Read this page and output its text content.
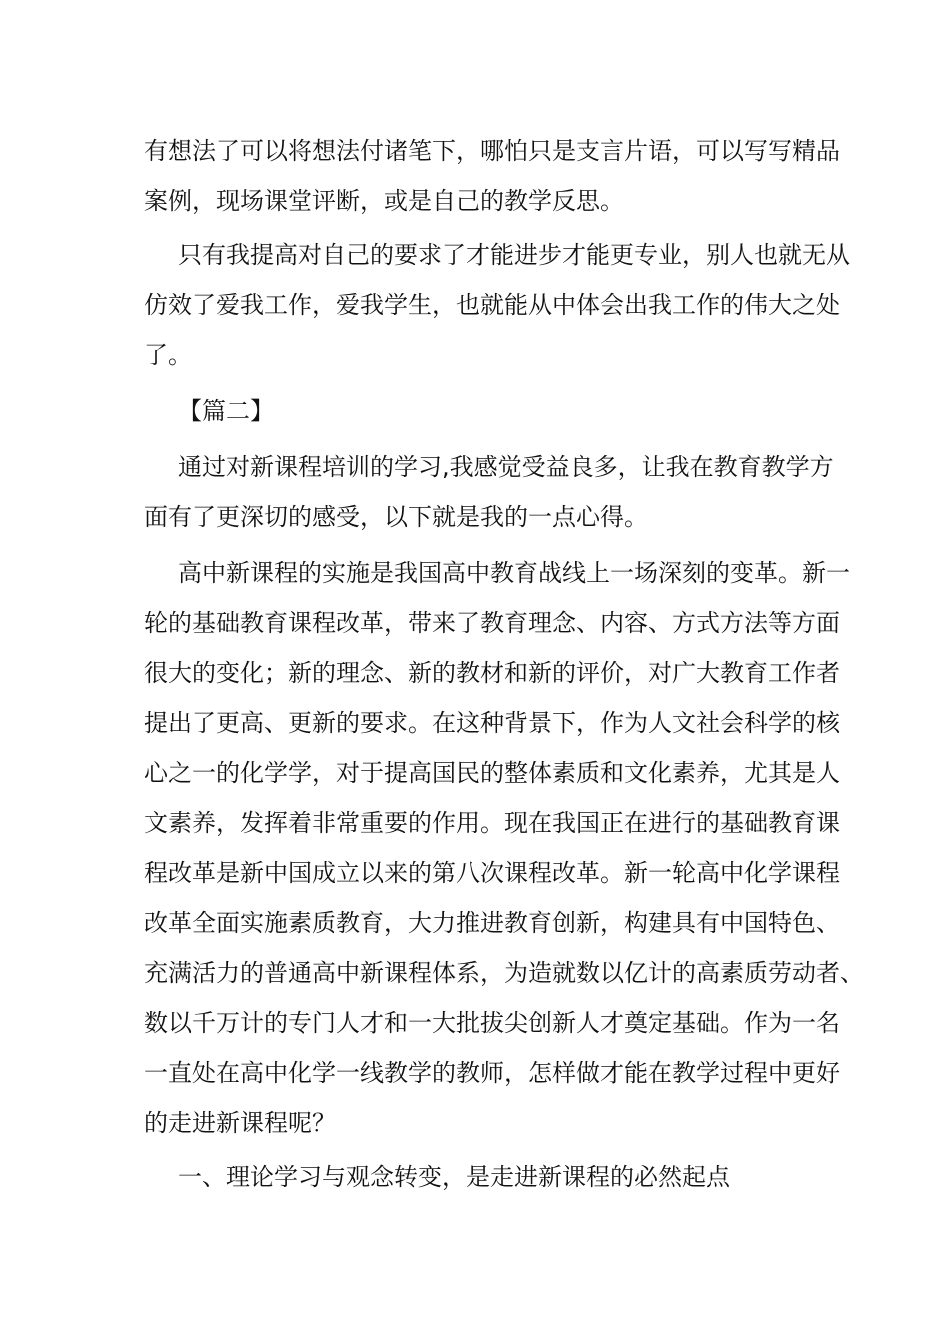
有想法了可以将想法付诸笔下，哪怕只是支言片语，可以写写精品
案例，现场课堂评断，或是自己的教学反思。
只有我提高对自己的要求了才能进步才能更专业，别人也就无从
仿效了爱我工作，爱我学生，也就能从中体会出我工作的伟大之处
了。
【篇二】
通过对新课程培训的学习,我感觉受益良多，让我在教育教学方
面有了更深切的感受，以下就是我的一点心得。
高中新课程的实施是我国高中教育战线上一场深刻的变革。新一
轮的基础教育课程改革，带来了教育理念、内容、方式方法等方面
很大的变化；新的理念、新的教材和新的评价，对广大教育工作者
提出了更高、更新的要求。在这种背景下，作为人文社会科学的核
心之一的化学学，对于提高国民的整体素质和文化素养，尤其是人
文素养，发挥着非常重要的作用。现在我国正在进行的基础教育课
程改革是新中国成立以来的第八次课程改革。新一轮高中化学课程
改革全面实施素质教育，大力推进教育创新，构建具有中国特色、
充满活力的普通高中新课程体系，为造就数以亿计的高素质劳动者、
数以千万计的专门人才和一大批拔尖创新人才奠定基础。作为一名
一直处在高中化学一线教学的教师，怎样做才能在教学过程中更好
的走进新课程呢？
一、理论学习与观念转变，是走进新课程的必然起点
